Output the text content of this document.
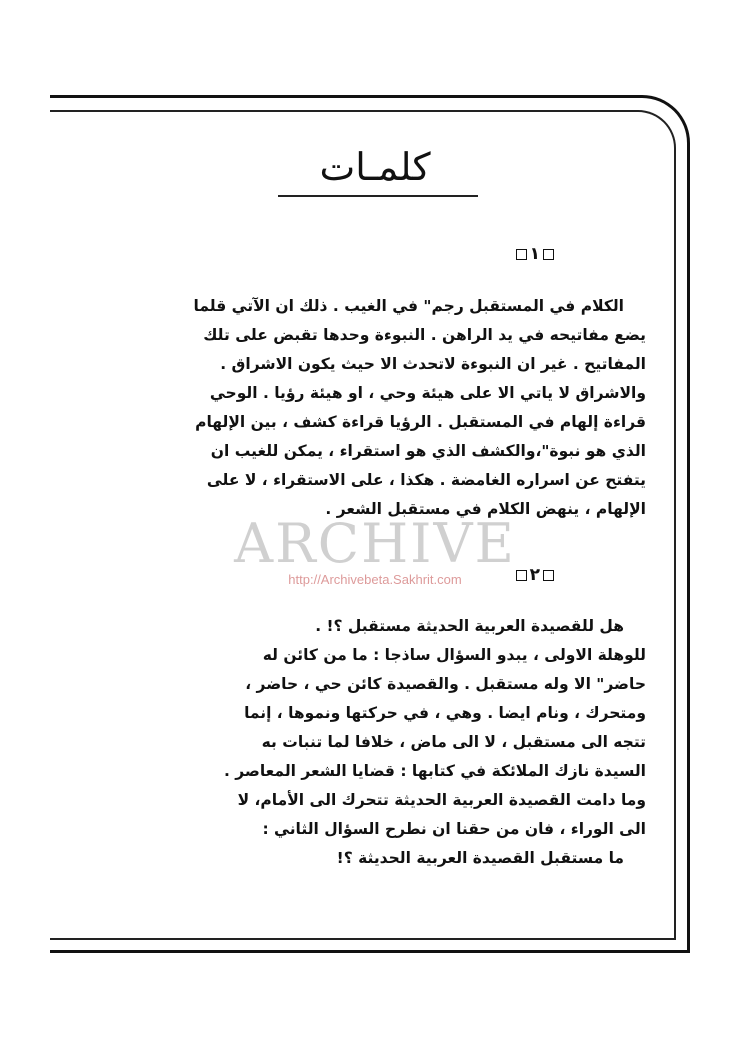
كلمـات
١
الكلام في المستقبل رجم" في الغيب . ذلك ان الآتي قلما
يضع مفاتيحه في يد الراهن . النبوءة وحدها تقبض على تلك
المفاتيح . غير ان النبوءة لاتحدث الا حيث يكون الاشراق .
والاشراق لا ياتي الا على هيئة وحي ، او هيئة رؤيا . الوحي
قراءة إلهام في المستقبل . الرؤيا قراءة كشف ، بين الإلهام
الذي هو نبوة"،والكشف الذي هو استقراء ، يمكن للغيب ان
يتفتح عن اسراره الغامضة . هكذا ، على الاستقراء ، لا على
الإلهام ، ينهض الكلام في مستقبل الشعر .
ARCHIVE
http://Archivebeta.Sakhrit.com	٢
هل للقصيدة العربية الحديثة مستقبل ؟! .
للوهلة الاولى ، يبدو السؤال ساذجا : ما من كائن له
حاضر" الا وله مستقبل . والقصيدة كائن حي ، حاضر ،
ومتحرك ، ونام ايضا . وهي ، في حركتها ونموها ، إنما
تتجه الى مستقبل ، لا الى ماض ، خلافا لما تنبات به
السيدة نازك الملائكة في كتابها : قضايا الشعر المعاصر .
وما دامت القصيدة العربية الحديثة تتحرك الى الأمام، لا
الى الوراء ، فان من حقنا ان نطرح السؤال الثاني :
ما مستقبل القصيدة العربية الحديثة ؟!
